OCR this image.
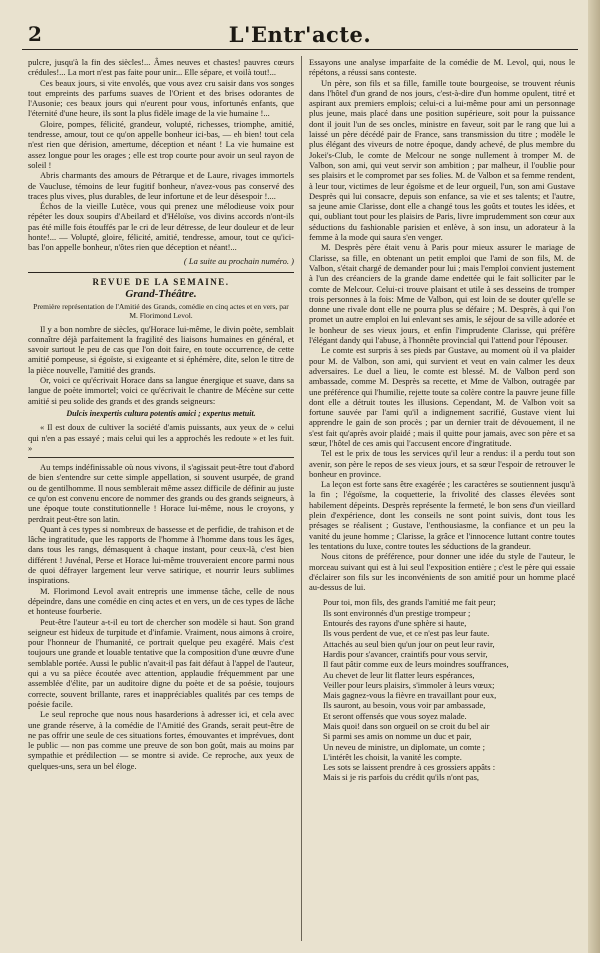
2	L'Entr'acte.

pulcre, jusqu'à la fin des siècles!... Âmes neuves et chastes! pauvres cœurs crédules!... La mort n'est pas faite pour unir... Elle sépare, et voilà tout!...

Ces beaux jours, si vite envolés, que vous avez cru saisir dans vos songes tout empreints des parfums suaves de l'Orient et des brises odorantes de l'Ausonie; ces beaux jours qui n'eurent pour vous, infortunés enfants, que l'éternité d'une heure, ils sont la plus fidèle image de la vie humaine !...

Gloire, pompes, félicité, grandeur, volupté, richesses, triomphe, amitié, tendresse, amour, tout ce qu'on appelle bonheur ici-bas, — eh bien! tout cela n'est rien que dérision, amertume, déception et néant ! La vie humaine est assez longue pour les orages ; elle est trop courte pour avoir un seul rayon de soleil !

Abris charmants des amours de Pétrarque et de Laure, rivages immortels de Vaucluse, témoins de leur fugitif bonheur, n'avez-vous pas conservé des traces plus vives, plus durables, de leur infortune et de leur désespoir !....

Échos de la vieille Lutèce, vous qui prenez une mélodieuse voix pour répéter les doux soupirs d'Abeilard et d'Héloïse, vos divins accords n'ont-ils pas été mille fois étouffés par le cri de leur détresse, de leur douleur et de leur honte!... — Volupté, gloire, félicité, amitié, tendresse, amour, tout ce qu'ici-bas l'on appelle bonheur, n'ôtes rien que déception et néant!...

( La suite au prochain numéro. )
REVUE DE LA SEMAINE.
Grand-Théâtre.
Première représentation de l'Amitié des Grands, comédie en cinq actes et en vers, par M. Florimond Levol.

Il y a bon nombre de siècles, qu'Horace lui-même, le divin poète, semblait connaître déjà parfaitement la fragilité des liaisons humaines en général, et savoir surtout le peu de cas que l'on doit faire, en toute occurrence, de cette amitié pompeuse, si égoïste, si exigeante et si éphémère, dite, selon le titre de la pièce nouvelle, l'amitié des grands.

Or, voici ce qu'écrivait Horace dans sa langue énergique et suave, dans sa langue de poète immortel; voici ce qu'écrivait le chantre de Mécène sur cette amitié si peu solide des grands et des grands seigneurs:

Dulcis inexpertis cultura potentis amici ; expertus metuit.

« Il est doux de cultiver la société d'amis puissants, aux yeux de » celui qui n'en a pas essayé ; mais celui qui les a approchés les redoute » et les fuit. »

Au temps indéfinissable où nous vivons, il s'agissait peut-être tout d'abord de bien s'entendre sur cette simple appellation, si souvent usurpée, de grand ou de gentilhomme. Il nous semblerait même assez difficile de définir au juste ce qu'on est convenu encore de nommer des grands ou des grands seigneurs, à une époque toute constitutionnelle ! Horace lui-même, nous le croyons, y perdrait peut-être son latin.

Quant à ces types si nombreux de bassesse et de perfidie, de trahison et de lâche ingratitude, que les rapports de l'homme à l'homme dans tous les âges, dans tous les rangs, démasquent à chaque instant, pour ceux-là, c'est bien différent ! Juvénal, Perse et Horace lui-même trouveraient encore parmi nous de quoi défrayer largement leur verve satirique, et nourrir leurs sublimes inspirations.

M. Florimond Levol avait entrepris une immense tâche, celle de nous dépeindre, dans une comédie en cinq actes et en vers, un de ces types de lâche et honteuse fourberie.

Peut-être l'auteur a-t-il eu tort de chercher son modèle si haut. Son grand seigneur est hideux de turpitude et d'infamie. Vraiment, nous aimons à croire, pour l'honneur de l'humanité, ce portrait quelque peu exagéré. Mais c'est toujours une grande et louable tentative que la composition d'une œuvre d'une semblable portée. Aussi le public n'avait-il pas fait défaut à l'appel de l'auteur, qui a vu sa pièce écoutée avec attention, applaudie fréquemment par une assemblée d'élite, par un auditoire digne du poète et de sa poésie, toujours correcte, souvent brillante, rares et inappréciables qualités par ces temps de poésie facile.

Le seul reproche que nous nous hasarderions à adresser ici, et cela avec une grande réserve, à la comédie de l'Amitié des Grands, serait peut-être de ne pas offrir une seule de ces situations fortes, émouvantes et imprévues, dont le public — non pas comme une preuve de son bon goût, mais au moins par sympathie et prédilection — se montre si avide. Ce reproche, aux yeux de quelques-uns, sera un bel éloge.

Essayons une analyse imparfaite de la comédie de M. Levol, qui, nous le répétons, a réussi sans conteste.

Un père, son fils et sa fille, famille toute bourgeoise, se trouvent réunis dans l'hôtel d'un grand de nos jours, c'est-à-dire d'un homme opulent, titré et aspirant aux premiers emplois; celui-ci a lui-même pour ami un personnage plus jeune, mais placé dans une position supérieure, soit pour la puissance dont il jouit l'un de ses oncles, ministre en faveur, soit par le rang que lui a laissé un père décédé pair de France, sans transmission du titre ; modèle le plus élégant des viveurs de notre époque, dandy achevé, de plus membre du Jokei's-Club, le comte de Melcour ne songe nullement à tromper M. de Valbon, son ami, qui veut servir son ambition ; par malheur, il l'oublie pour ses plaisirs et le compromet par ses folies. M. de Valbon et sa femme rendent, à leur tour, victimes de leur égoïsme et de leur orgueil, l'un, son ami Gustave Desprès qui lui consacre, depuis son enfance, sa vie et ses talents; et l'autre, sa jeune amie Clarisse, dont elle a changé tous les goûts et toutes les idées, et qui, oubliant tout pour les plaisirs de Paris, livre imprudemment son cœur aux séductions du fashionable parisien et enlève, à son insu, un adorateur à la femme à la mode qui saura s'en venger.

M. Desprès père était venu à Paris pour mieux assurer le mariage de Clarisse, sa fille, en obtenant un petit emploi que l'ami de son fils, M. de Valbon, s'était chargé de demander pour lui ; mais l'emploi convient justement à l'un des créanciers de la grande dame endettée qui le fait solliciter par le comte de Melcour. Celui-ci trouve plaisant et utile à ses desseins de tromper trois personnes à la fois: Mme de Valbon, qui est loin de se douter qu'elle se donne une rivale dont elle ne pourra plus se défaire ; M. Desprès, à qui l'on promet un autre emploi en lui enlevant ses amis, le séjour de sa ville adorée et le bonheur de ses vieux jours, et enfin l'imprudente Clarisse, qui préfère l'élégant dandy qui l'abuse, à l'honnête provincial qui l'attend pour l'épouser.

Le comte est surpris à ses pieds par Gustave, au moment où il va plaider pour M. de Valbon, son ami, qui survient et veut en vain calmer les deux adversaires. Le duel a lieu, le comte est blessé. M. de Valbon perd son ambassade, comme M. Desprès sa recette, et Mme de Valbon, outragée par une préférence qui l'humilie, rejette toute sa colère contre la pauvre jeune fille dont elle a détruit toutes les illusions. Cependant, M. de Valbon voit sa fortune sauvée par l'ami qu'il a indignement sacrifié, Gustave vient lui apprendre le gain de son procès ; par un dernier trait de dévouement, il ne s'est fait qu'après avoir plaidé ; mais il quitte pour jamais, avec son père et sa sœur, l'hôtel de ces amis qui l'accusent encore d'ingratitude.

Tel est le prix de tous les services qu'il leur a rendus: il a perdu tout son avenir, son père le repos de ses vieux jours, et sa sœur l'espoir de retrouver le bonheur en province.

La leçon est forte sans être exagérée ; les caractères se soutiennent jusqu'à la fin ; l'égoïsme, la coquetterie, la frivolité des classes élevées sont habilement dépeints. Desprès représente la fermeté, le bon sens d'un vieillard plein d'expérience, dont les conseils ne sont point suivis, dont tous les présages se réalisent ; Gustave, l'enthousiasme, la confiance et un peu la vanité du jeune homme ; Clarisse, la grâce et l'innocence luttant contre toutes les tentations du luxe, contre toutes les séductions de la grandeur.

Nous citons de préférence, pour donner une idée du style de l'auteur, le morceau suivant qui est à lui seul l'exposition entière ; c'est le père qui essaie d'éclairer son fils sur les inconvénients de son amitié pour un homme placé au-dessus de lui.

Pour toi, mon fils, des grands l'amitié me fait peur;
Ils sont environnés d'un prestige trompeur ;
Entourés des rayons d'une sphère si haute,
Ils vous perdent de vue, et ce n'est pas leur faute.
Attachés au seul bien qu'un jour on peut leur ravir,
Hardis pour s'avancer, craintifs pour vous servir,
Il faut pâtir comme eux de leurs moindres souffrances,
Au chevet de leur lit flatter leurs espérances,
Veiller pour leurs plaisirs, s'immoler à leurs vœux;
Mais gagnez-vous la fièvre en travaillant pour eux,
Ils sauront, au besoin, vous voir par ambassade,
Et seront offensés que vous soyez malade.
Mais quoi! dans son orgueil on se croit du bel air
Si parmi ses amis on nomme un duc et pair,
Un neveu de ministre, un diplomate, un comte ;
L'intérêt les choisit, la vanité les compte.
Les sots se laissent prendre à ces grossiers appâts :
Mais si je ris parfois du crédit qu'ils n'ont pas,
